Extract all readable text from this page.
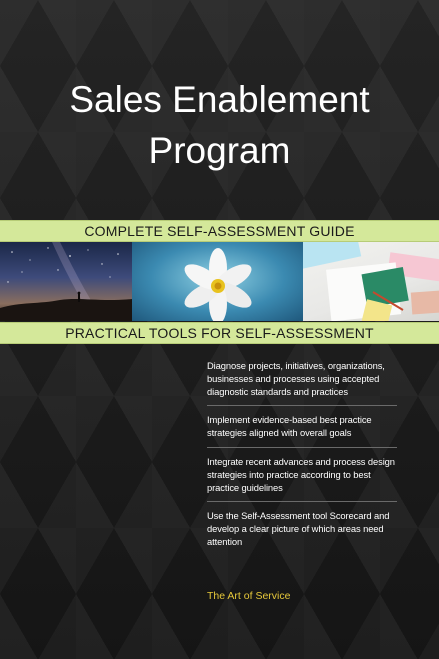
Sales Enablement
Program
COMPLETE SELF-ASSESSMENT GUIDE
PRACTICAL TOOLS FOR SELF-ASSESSMENT
Diagnose projects, initiatives, organizations, businesses and processes using accepted diagnostic standards and practices
Implement evidence-based best practice strategies aligned with overall goals
Integrate recent advances and process design strategies into practice according to best practice guidelines
Use the Self-Assessment tool Scorecard and develop a clear picture of which areas need attention
The Art of Service
